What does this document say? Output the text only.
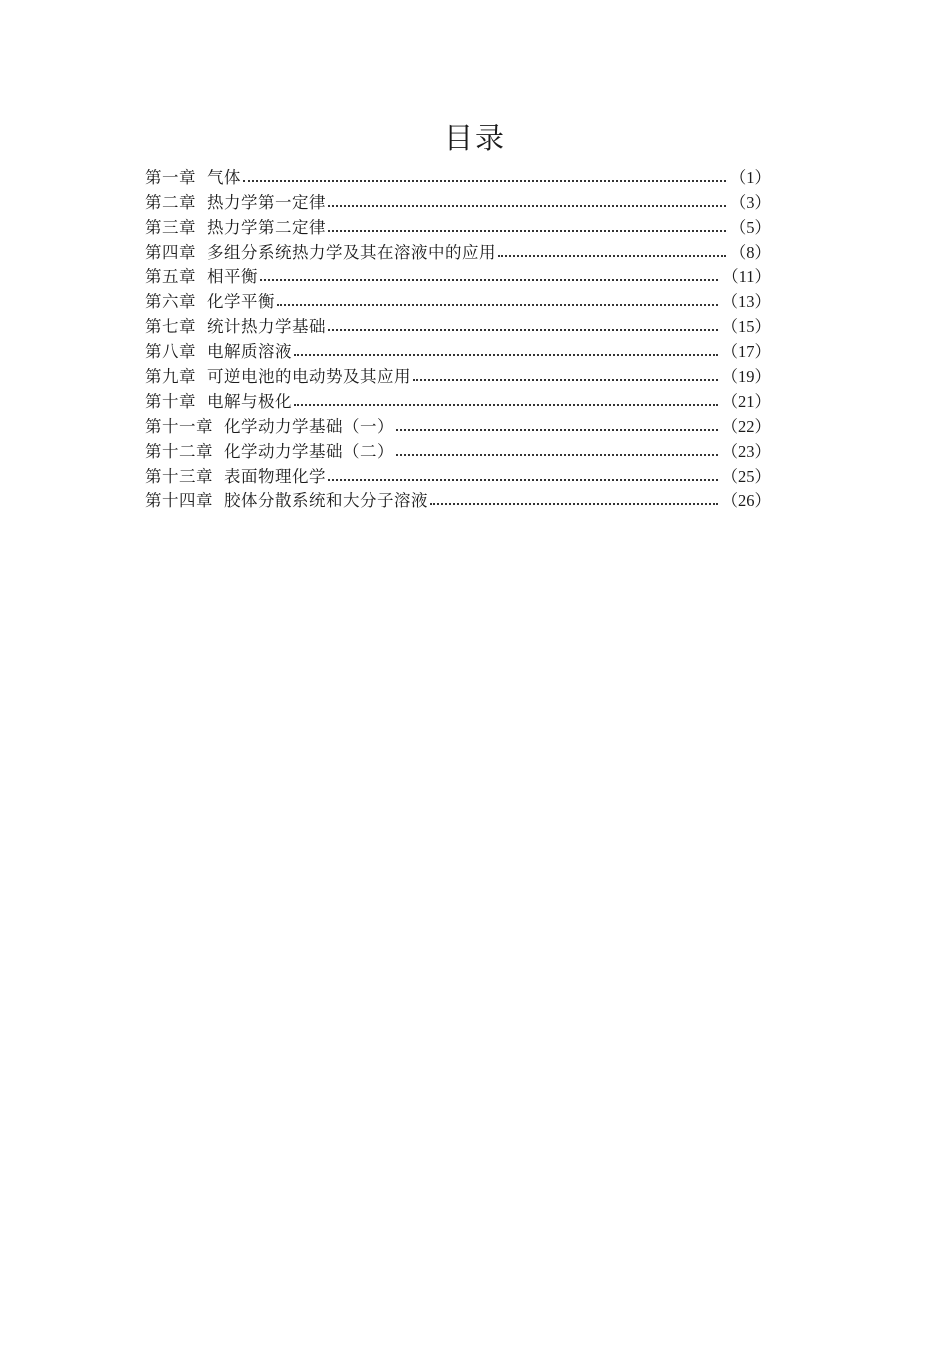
目录
第一章 气体	（1）
第二章 热力学第一定律	（3）
第三章 热力学第二定律	（5）
第四章 多组分系统热力学及其在溶液中的应用	（8）
第五章 相平衡	（11）
第六章 化学平衡	（13）
第七章 统计热力学基础	（15）
第八章 电解质溶液	（17）
第九章 可逆电池的电动势及其应用	（19）
第十章 电解与极化	（21）
第十一章 化学动力学基础（一）	（22）
第十二章 化学动力学基础（二）	（23）
第十三章 表面物理化学	（25）
第十四章 胶体分散系统和大分子溶液	（26）
